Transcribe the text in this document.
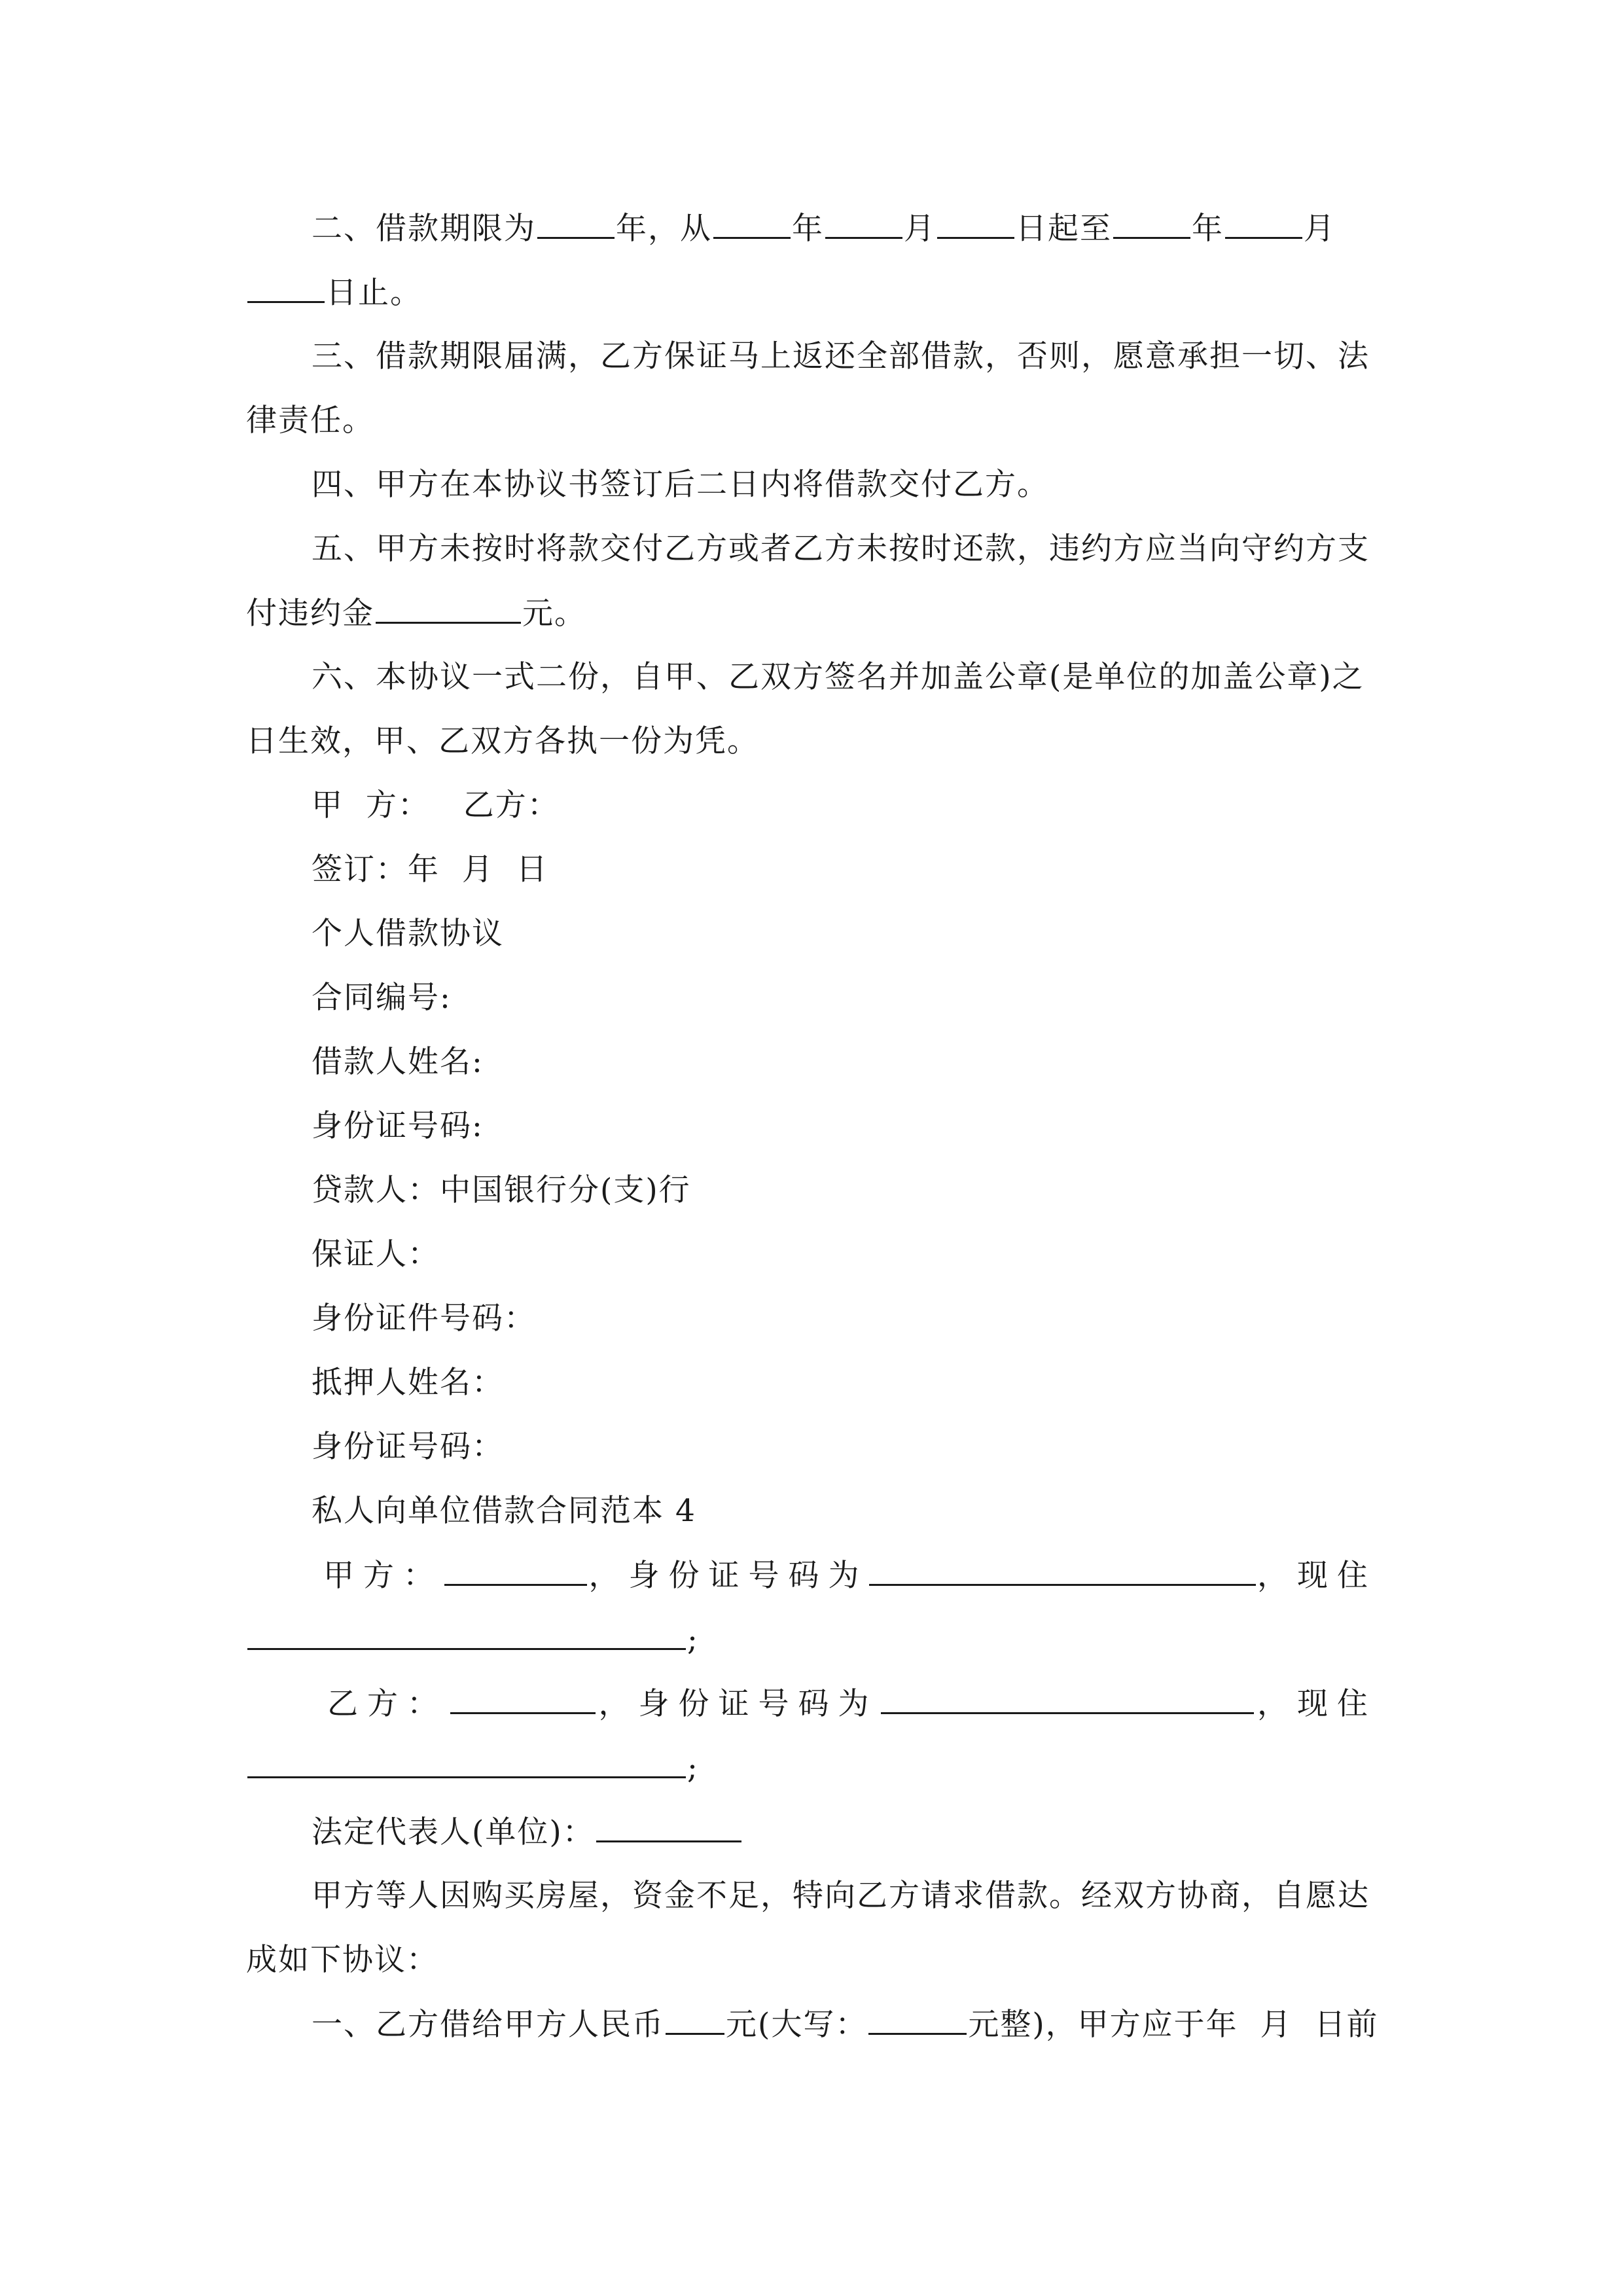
二、借款期限为	年，从	年	月	日起至	年	月
日止。
三、借款期限届满，乙方保证马上返还全部借款，否则，愿意承担一切、法
律责任。
四、甲方在本协议书签订后二日内将借款交付乙方。
五、甲方未按时将款交付乙方或者乙方未按时还款，违约方应当向守约方支
付违约金	元。
六、本协议一式二份，自甲、乙双方签名并加盖公章(是单位的加盖公章)之
日生效，甲、乙双方各执一份为凭。
甲  方：   乙方：
签订：年  月  日
个人借款协议
合同编号:
借款人姓名:
身份证号码:
贷款人：中国银行分(支)行
保证人：
身份证件号码：
抵押人姓名：
身份证号码：
私人向单位借款合同范本 4
甲方：	，身份证号码为	，现住
;
乙方：	，身份证号码为	，现住
;
法定代表人(单位)：
甲方等人因购买房屋，资金不足，特向乙方请求借款。经双方协商，自愿达
成如下协议：
一、乙方借给甲方人民币 元(大写：	元整)，甲方应于年  月  日前
